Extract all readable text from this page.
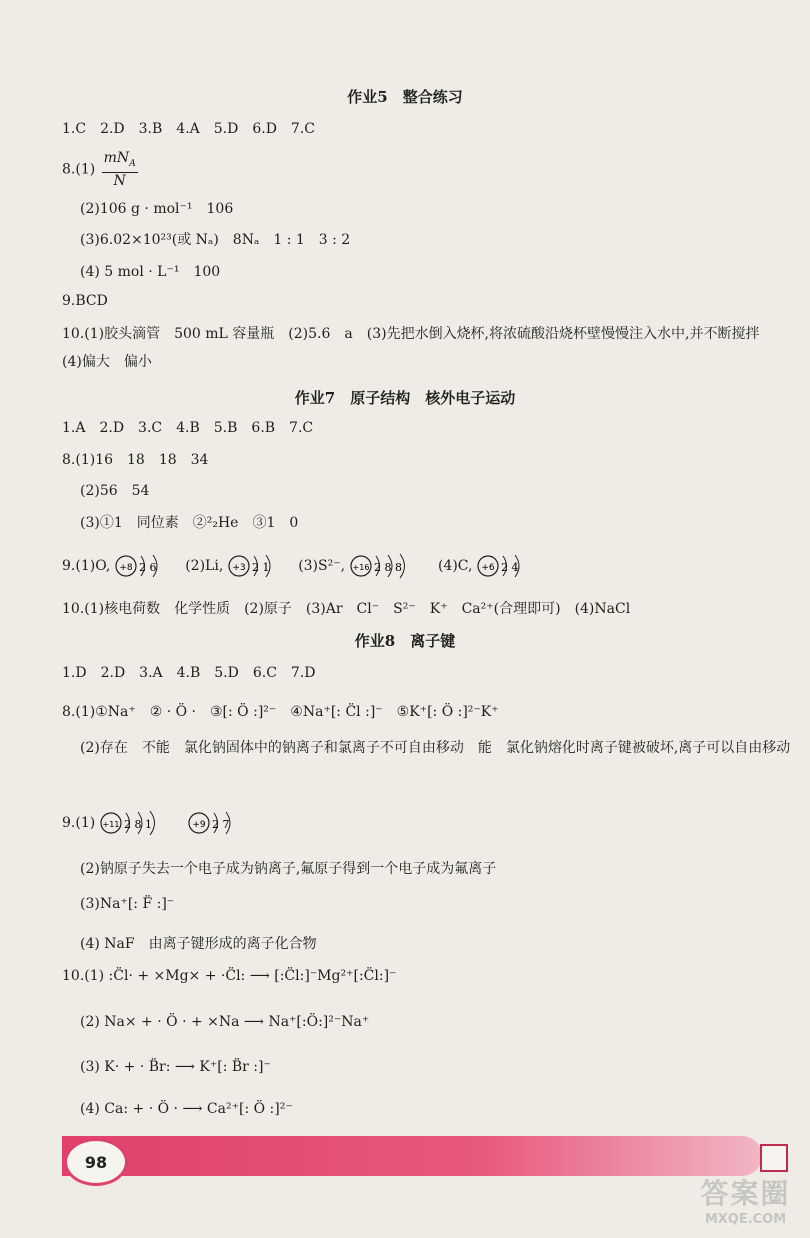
作业5　整合练习
1.C　2.D　3.B　4.A　5.D　6.D　7.C
$8.(1) \frac{mN_A}{N}$
(2)106 g · mol⁻¹　106
(3)6.02×10²³(或 Nₐ)　8Nₐ　1 : 1　3 : 2
(4) 5 mol · L⁻¹　100
9.BCD
10.(1)胶头滴管　500 mL 容量瓶　(2)5.6　a　(3)先把水倒入烧杯,将浓硫酸沿烧杯壁慢慢注入水中,并不断搅拌　(4)偏大　偏小
作业7　原子结构　核外电子运动
1.A　2.D　3.C　4.B　5.B　6.B　7.C
8.(1)16　18　18　34
(2)56　54
(3)①1　同位素　②²₂He　③1　0
9.(1)O, +8 2 6 (2)Li, +3 2 1 (3)S²⁻, +16 2 8 8	(4)C, +6 2 4
10.(1)核电荷数　化学性质　(2)原子　(3)Ar　Cl⁻　S²⁻　K⁺　Ca²⁺(合理即可)　(4)NaCl
作业8　离子键
1.D　2.D　3.A　4.B　5.D　6.C　7.D
8.(1)①Na⁺　② · Ö ·　③[: Ö :]²⁻　④Na⁺[: C̈l :]⁻　⑤K⁺[: Ö :]²⁻K⁺
(2)存在　不能　氯化钠固体中的钠离子和氯离子不可自由移动　能　氯化钠熔化时离子键被破坏,离子可以自由移动
9.(1) +11 2 8 1
	+9 2 7
(2)钠原子失去一个电子成为钠离子,氟原子得到一个电子成为氟离子
(3)Na⁺[: F̈ :]⁻
(4) NaF　由离子键形成的离子化合物
10.(1) :C̈l· + ×Mg× + ·C̈l: ⟶ [:C̈l:]⁻Mg²⁺[:C̈l:]⁻
(2) Na× + · Ö · + ×Na ⟶ Na⁺[:Ö:]²⁻Na⁺
(3) K· + · B̈r: ⟶ K⁺[: B̈r :]⁻
(4) Ca: + · Ö · ⟶ Ca²⁺[: Ö :]²⁻
98
答案圈
MXQE.COM
